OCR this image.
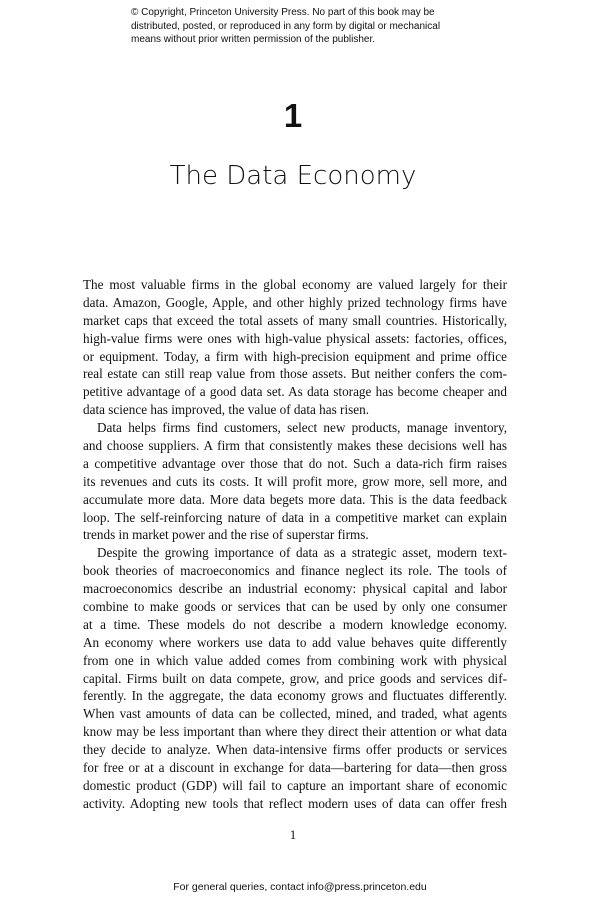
© Copyright, Princeton University Press. No part of this book may be
distributed, posted, or reproduced in any form by digital or mechanical
means without prior written permission of the publisher.
1
The Data Economy
The most valuable firms in the global economy are valued largely for their
data. Amazon, Google, Apple, and other highly prized technology firms have
market caps that exceed the total assets of many small countries. Historically,
high-value firms were ones with high-value physical assets: factories, offices,
or equipment. Today, a firm with high-precision equipment and prime office
real estate can still reap value from those assets. But neither confers the com-
petitive advantage of a good data set. As data storage has become cheaper and
data science has improved, the value of data has risen.
Data helps firms find customers, select new products, manage inventory,
and choose suppliers. A firm that consistently makes these decisions well has
a competitive advantage over those that do not. Such a data-rich firm raises
its revenues and cuts its costs. It will profit more, grow more, sell more, and
accumulate more data. More data begets more data. This is the data feedback
loop. The self-reinforcing nature of data in a competitive market can explain
trends in market power and the rise of superstar firms.
Despite the growing importance of data as a strategic asset, modern text-
book theories of macroeconomics and finance neglect its role. The tools of
macroeconomics describe an industrial economy: physical capital and labor
combine to make goods or services that can be used by only one consumer
at a time. These models do not describe a modern knowledge economy.
An economy where workers use data to add value behaves quite differently
from one in which value added comes from combining work with physical
capital. Firms built on data compete, grow, and price goods and services dif-
ferently. In the aggregate, the data economy grows and fluctuates differently.
When vast amounts of data can be collected, mined, and traded, what agents
know may be less important than where they direct their attention or what data
they decide to analyze. When data-intensive firms offer products or services
for free or at a discount in exchange for data—bartering for data—then gross
domestic product (GDP) will fail to capture an important share of economic
activity. Adopting new tools that reflect modern uses of data can offer fresh
1
For general queries, contact info@press.princeton.edu
